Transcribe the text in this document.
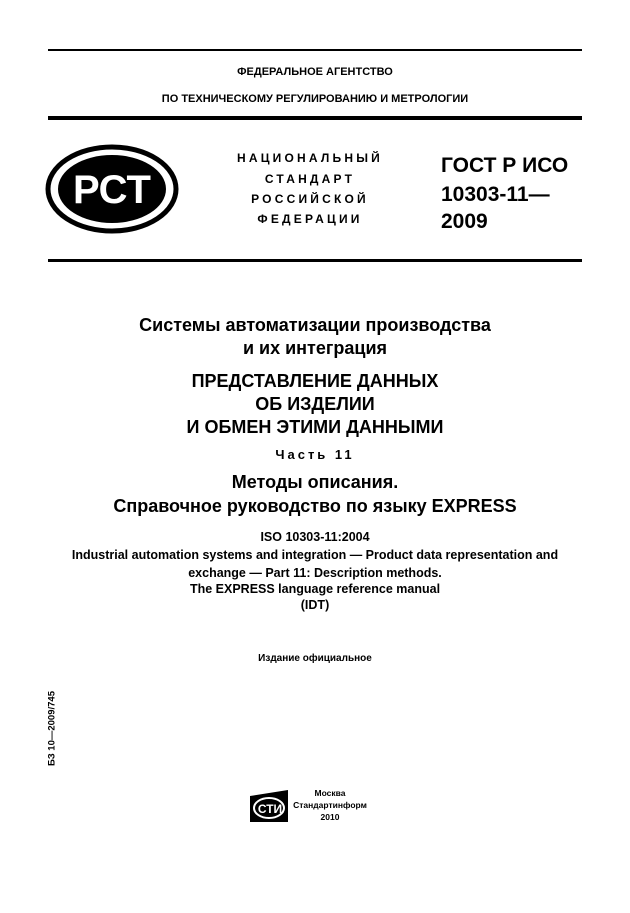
ФЕДЕРАЛЬНОЕ АГЕНТСТВО
ПО ТЕХНИЧЕСКОМУ РЕГУЛИРОВАНИЮ И МЕТРОЛОГИИ
РСТ
НАЦИОНАЛЬНЫЙ
СТАНДАРТ
РОССИЙСКОЙ
ФЕДЕРАЦИИ
ГОСТ Р ИСО
10303-11—
2009
Системы автоматизации производства
и их интеграция
ПРЕДСТАВЛЕНИЕ ДАННЫХ
ОБ ИЗДЕЛИИ
И ОБМЕН ЭТИМИ ДАННЫМИ
Часть 11
Методы описания.
Справочное руководство по языку EXPRESS
ISO 10303-11:2004
Industrial automation systems and integration — Product data representation and
exchange — Part 11: Description methods.
The EXPRESS language reference manual
(IDT)
Издание официальное
БЗ 10—2009/745
СТИ
Москва
Стандартинформ
2010
